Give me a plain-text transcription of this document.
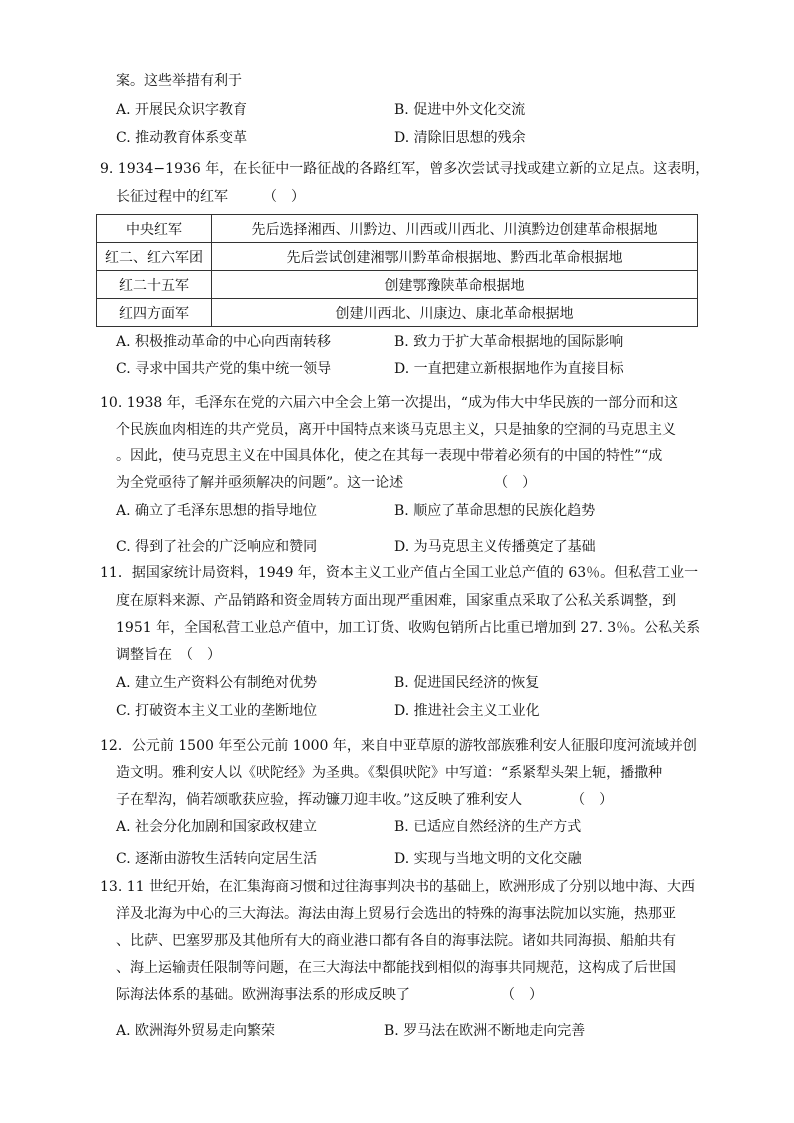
案。这些举措有利于
A. 开展民众识字教育	B. 促进中外文化交流
C. 推动教育体系变革	D. 清除旧思想的残余
9. 1934−1936 年，在长征中一路征战的各路红军，曾多次尝试寻找或建立新的立足点。这表明，
长征过程中的红军　　　（　）
中央红军	先后选择湘西、川黔边、川西或川西北、川滇黔边创建革命根据地
红二、红六军团	先后尝试创建湘鄂川黔革命根据地、黔西北革命根据地
红二十五军	创建鄂豫陕革命根据地
红四方面军	创建川西北、川康边、康北革命根据地
A. 积极推动革命的中心向西南转移	B. 致力于扩大革命根据地的国际影响
C. 寻求中国共产党的集中统一领导	D. 一直把建立新根据地作为直接目标
10. 1938 年，毛泽东在党的六届六中全会上第一次提出，“成为伟大中华民族的一部分而和这
个民族血肉相连的共产党员，离开中国特点来谈马克思主义，只是抽象的空洞的马克思主义
。因此，使马克思主义在中国具体化，使之在其每一表现中带着必须有的中国的特性”“成
为全党亟待了解并亟须解决的问题”。这一论述　　　　　　　（　）
A. 确立了毛泽东思想的指导地位	B. 顺应了革命思想的民族化趋势
C. 得到了社会的广泛响应和赞同	D. 为马克思主义传播奠定了基础
11．据国家统计局资料，1949 年，资本主义工业产值占全国工业总产值的 63％。但私营工业一
度在原料来源、产品销路和资金周转方面出现严重困难，国家重点采取了公私关系调整，到
1951 年，全国私营工业总产值中，加工订货、收购包销所占比重已增加到 27. 3％。公私关系
调整旨在　（　）
A. 建立生产资料公有制绝对优势	B. 促进国民经济的恢复
C. 打破资本主义工业的垄断地位	D. 推进社会主义工业化
12．公元前 1500 年至公元前 1000 年，来自中亚草原的游牧部族雅利安人征服印度河流域并创
造文明。雅利安人以《吠陀经》为圣典。《梨俱吠陀》中写道：“系紧犁头架上轭，播撒种
子在犁沟，倘若颂歌获应验，挥动镰刀迎丰收。”这反映了雅利安人　　　　（　）
A. 社会分化加剧和国家政权建立	B. 已适应自然经济的生产方式
C. 逐渐由游牧生活转向定居生活	D. 实现与当地文明的文化交融
13. 11 世纪开始，在汇集海商习惯和过往海事判决书的基础上，欧洲形成了分别以地中海、大西
洋及北海为中心的三大海法。海法由海上贸易行会选出的特殊的海事法院加以实施，热那亚
、比萨、巴塞罗那及其他所有大的商业港口都有各自的海事法院。诸如共同海损、船舶共有
、海上运输责任限制等问题，在三大海法中都能找到相似的海事共同规范，这构成了后世国
际海法体系的基础。欧洲海事法系的形成反映了　　　　　　　（　）
A. 欧洲海外贸易走向繁荣	B. 罗马法在欧洲不断地走向完善
